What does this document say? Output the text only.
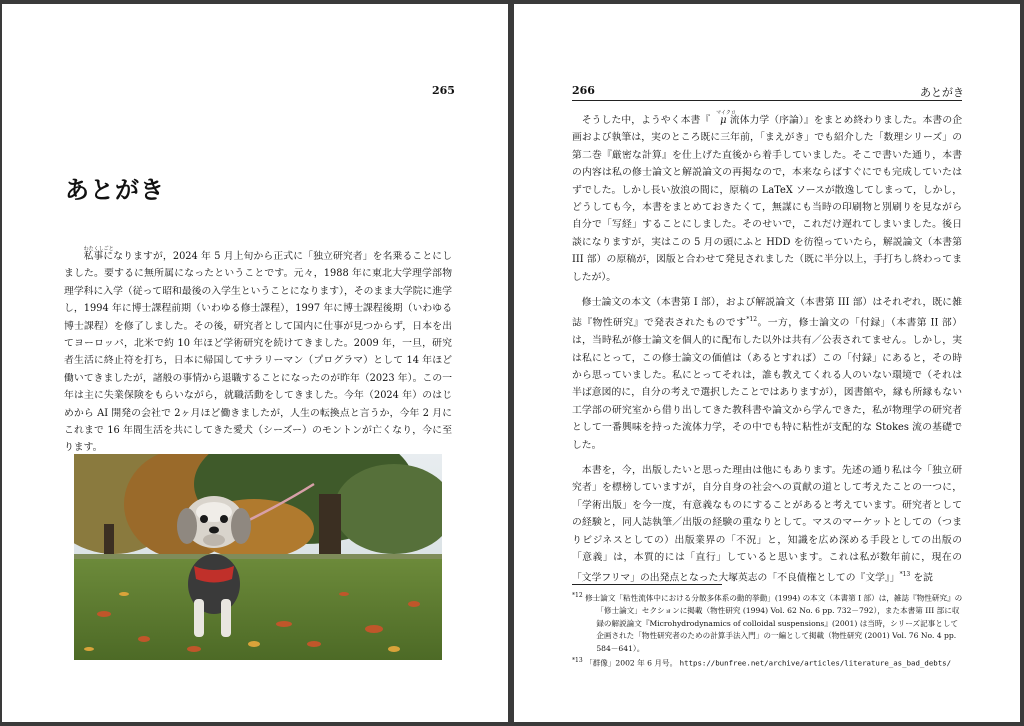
265
あとがき

わたくしごと
私事になりますが，2024 年 5 月上旬から正式に「独立研究者」を名乗ることにしました。要するに無所属になったということです。元々，1988 年に東北大学理学部物理学科に入学（従って昭和最後の入学生ということになります），そのまま大学院に進学し，1994 年に博士課程前期（いわゆる修士課程），1997 年に博士課程後期（いわゆる博士課程）を修了しました。その後，研究者として国内に仕事が見つからず，日本を出てヨーロッパ，北米で約 10 年ほど学術研究を続けてきました。2009 年，一旦，研究者生活に終止符を打ち，日本に帰国してサラリーマン（プログラマ）として 14 年ほど働いてきましたが，諸般の事情から退職することになったのが昨年（2023 年）。この一年は主に失業保険をもらいながら，就職活動をしてきました。今年（2024 年）のはじめから AI 開発の会社で 2ヶ月ほど働きましたが，人生の転換点と言うか，今年 2 月にこれまで 16 年間生活を共にしてきた愛犬（シーズー）のモントンが亡くなり，今に至ります。

266	あとがき

そうした中，ようやく本書『
マイクロ
μ 流体力学（序論）』をまとめ終わりました。本書の企画および執筆は，実のところ既に三年前，「まえがき」でも紹介した「数理シリーズ」の第二巻『厳密な計算』を仕上げた直後から着手していました。そこで書いた通り，本書の内容は私の修士論文と解説論文の再掲なので，本来ならばすぐにでも完成していたはずでした。しかし長い放浪の間に，原稿の LaTeX ソースが散逸してしまって，しかし，どうしても今，本書をまとめておきたくて，無謀にも当時の印刷物と別刷りを見ながら自分で「写経」することにしました。そのせいで，これだけ遅れてしまいました。後日談になりますが，実はこの 5 月の頭にふと HDD を彷徨っていたら，解説論文（本書第 III 部）の原稿が，図版と合わせて発見されました（既に半分以上，手打ちし終わってましたが）。

修士論文の本文（本書第 I 部），および解説論文（本書第 III 部）はそれぞれ，既に雑誌『物性研究』で発表されたものです$^{*12}$。一方，修士論文の「付録」（本書第 II 部）は，当時私が修士論文を個人的に配布した以外は共有／公表されてません。しかし，実は私にとって，この修士論文の価値は（あるとすれば）この「付録」にあると，その時から思っていました。私にとってそれは，誰も教えてくれる人のいない環境で（それは半ば意図的に，自分の考えで選択したことではありますが），図書館や，縁も所縁もない工学部の研究室から借り出してきた教科書や論文から学んできた，私が物理学の研究者として一番興味を持った流体力学，その中でも特に粘性が支配的な Stokes 流の基礎でした。

本書を，今，出版したいと思った理由は他にもあります。先述の通り私は今「独立研究者」を標榜していますが，自分自身の社会への貢献の道として考えたことの一つに，「学術出版」を今一度，有意義なものにすることがあると考えています。研究者としての経験と，同人誌執筆／出版の経験の重なりとして。マスのマーケットとしての（つまりビジネスとしての）出版業界の「不況」と，知識を広め深める手段としての出版の「意義」は，本質的には「直行」していると思います。これは私が数年前に，現在の「文学フリマ」の出発点となった大塚英志の「不良債権としての『文学』」$^{*13}$ を読

$^{*12}$ 修士論文「粘性流体中における分散多体系の動的挙動」(1994) の本文（本書第 I 部）は，雑誌『物性研究』の「修士論文」セクションに掲載（物性研究 (1994) Vol. 62 No. 6 pp. 732－792），また本書第 III 部に収録の解説論文『Microhydrodynamics of colloidal suspensions』(2001) は当時，シリーズ記事として企画された「物性研究者のための計算手法入門」の一編として掲載（物性研究 (2001) Vol. 76 No. 4 pp. 584－641）。

$^{*13}$ 「群像」2002 年 6 月号。 https://bunfree.net/archive/articles/literature_as_bad_debts/
